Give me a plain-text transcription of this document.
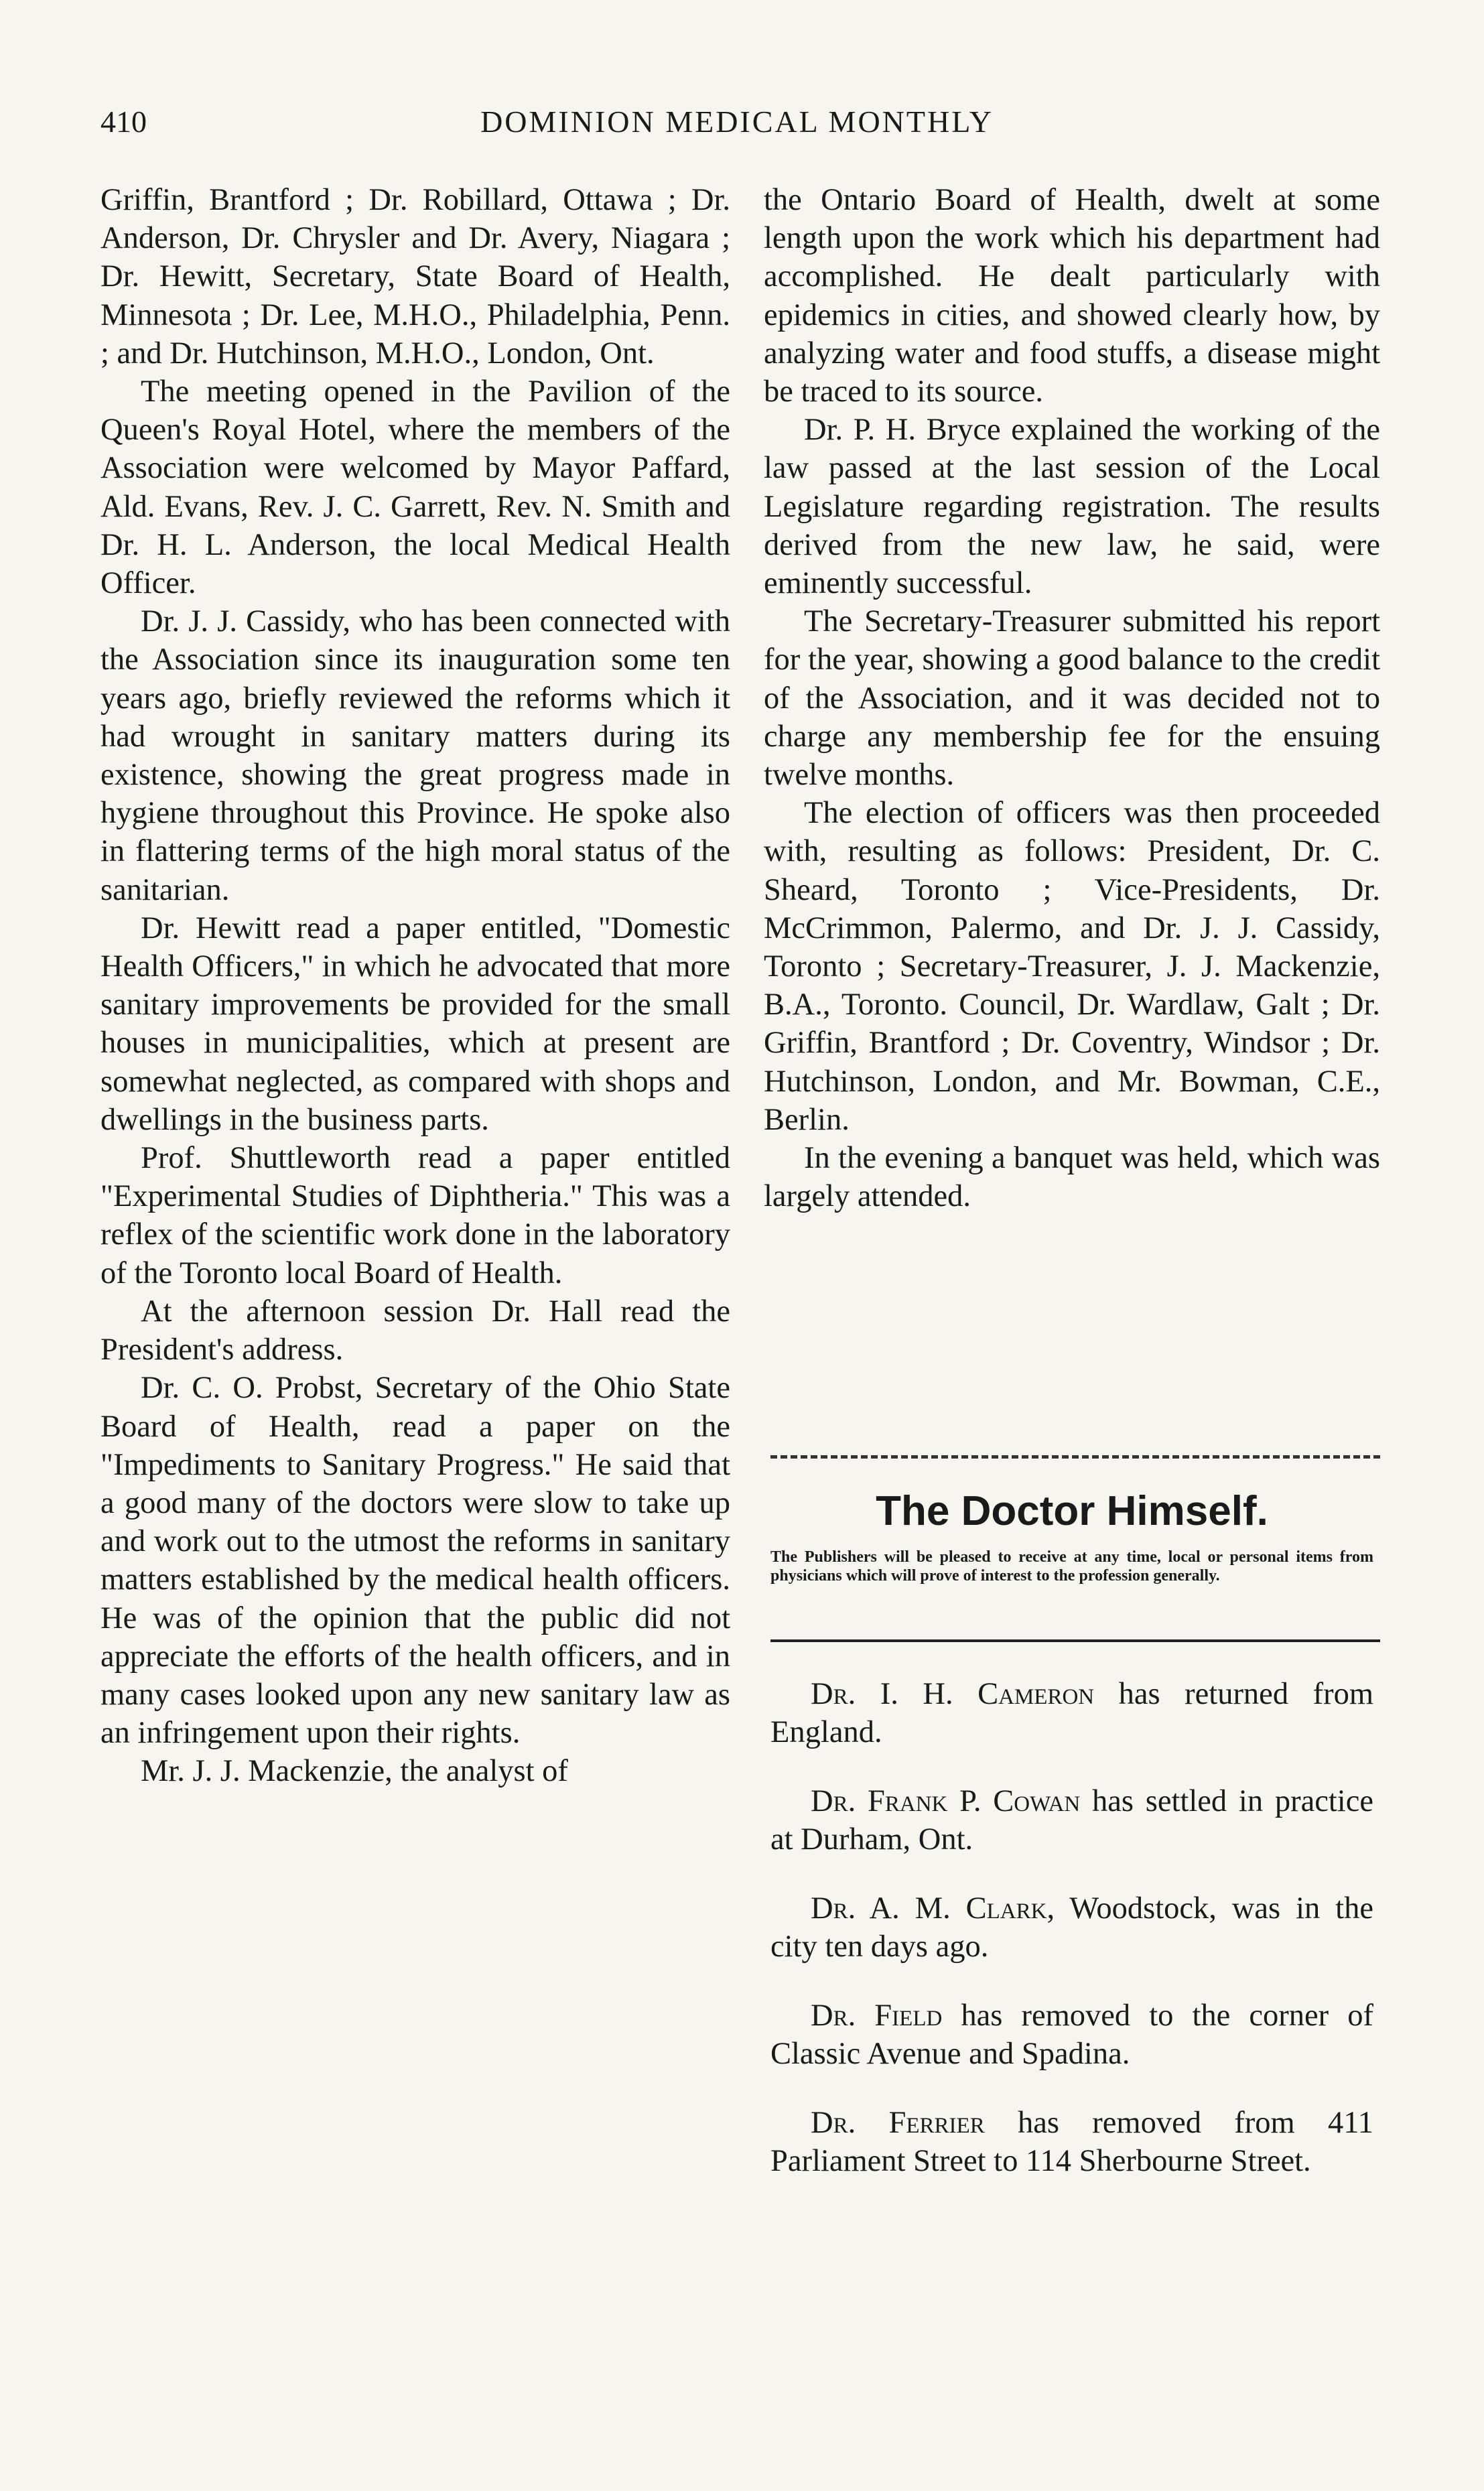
410	DOMINION MEDICAL MONTHLY

Griffin, Brantford ; Dr. Robillard, Ottawa ; Dr. Anderson, Dr. Chrysler and Dr. Avery, Niagara ; Dr. Hewitt, Secretary, State Board of Health, Minnesota ; Dr. Lee, M.H.O., Philadelphia, Penn. ; and Dr. Hutchinson, M.H.O., London, Ont.

The meeting opened in the Pavilion of the Queen's Royal Hotel, where the members of the Association were welcomed by Mayor Paffard, Ald. Evans, Rev. J. C. Garrett, Rev. N. Smith and Dr. H. L. Anderson, the local Medical Health Officer.

Dr. J. J. Cassidy, who has been connected with the Association since its inauguration some ten years ago, briefly reviewed the reforms which it had wrought in sanitary matters during its existence, showing the great progress made in hygiene throughout this Province. He spoke also in flattering terms of the high moral status of the sanitarian.

Dr. Hewitt read a paper entitled, "Domestic Health Officers," in which he advocated that more sanitary improvements be provided for the small houses in municipalities, which at present are somewhat neglected, as compared with shops and dwellings in the business parts.

Prof. Shuttleworth read a paper entitled "Experimental Studies of Diphtheria." This was a reflex of the scientific work done in the laboratory of the Toronto local Board of Health.

At the afternoon session Dr. Hall read the President's address.

Dr. C. O. Probst, Secretary of the Ohio State Board of Health, read a paper on the "Impediments to Sanitary Progress." He said that a good many of the doctors were slow to take up and work out to the utmost the reforms in sanitary matters established by the medical health officers. He was of the opinion that the public did not appreciate the efforts of the health officers, and in many cases looked upon any new sanitary law as an infringement upon their rights.

Mr. J. J. Mackenzie, the analyst of

the Ontario Board of Health, dwelt at some length upon the work which his department had accomplished. He dealt particularly with epidemics in cities, and showed clearly how, by analyzing water and food stuffs, a disease might be traced to its source.

Dr. P. H. Bryce explained the working of the law passed at the last session of the Local Legislature regarding registration. The results derived from the new law, he said, were eminently successful.

The Secretary-Treasurer submitted his report for the year, showing a good balance to the credit of the Association, and it was decided not to charge any membership fee for the ensuing twelve months.

The election of officers was then proceeded with, resulting as follows: President, Dr. C. Sheard, Toronto ; Vice-Presidents, Dr. McCrimmon, Palermo, and Dr. J. J. Cassidy, Toronto ; Secretary-Treasurer, J. J. Mackenzie, B.A., Toronto. Council, Dr. Wardlaw, Galt ; Dr. Griffin, Brantford ; Dr. Coventry, Windsor ; Dr. Hutchinson, London, and Mr. Bowman, C.E., Berlin.

In the evening a banquet was held, which was largely attended.

The Doctor Himself.
The Publishers will be pleased to receive at any time, local or personal items from physicians which will prove of interest to the profession generally.
Dr. I. H. Cameron has returned from England.
Dr. Frank P. Cowan has settled in practice at Durham, Ont.
Dr. A. M. Clark, Woodstock, was in the city ten days ago.
Dr. Field has removed to the corner of Classic Avenue and Spadina.
Dr. Ferrier has removed from 411 Parliament Street to 114 Sherbourne Street.
